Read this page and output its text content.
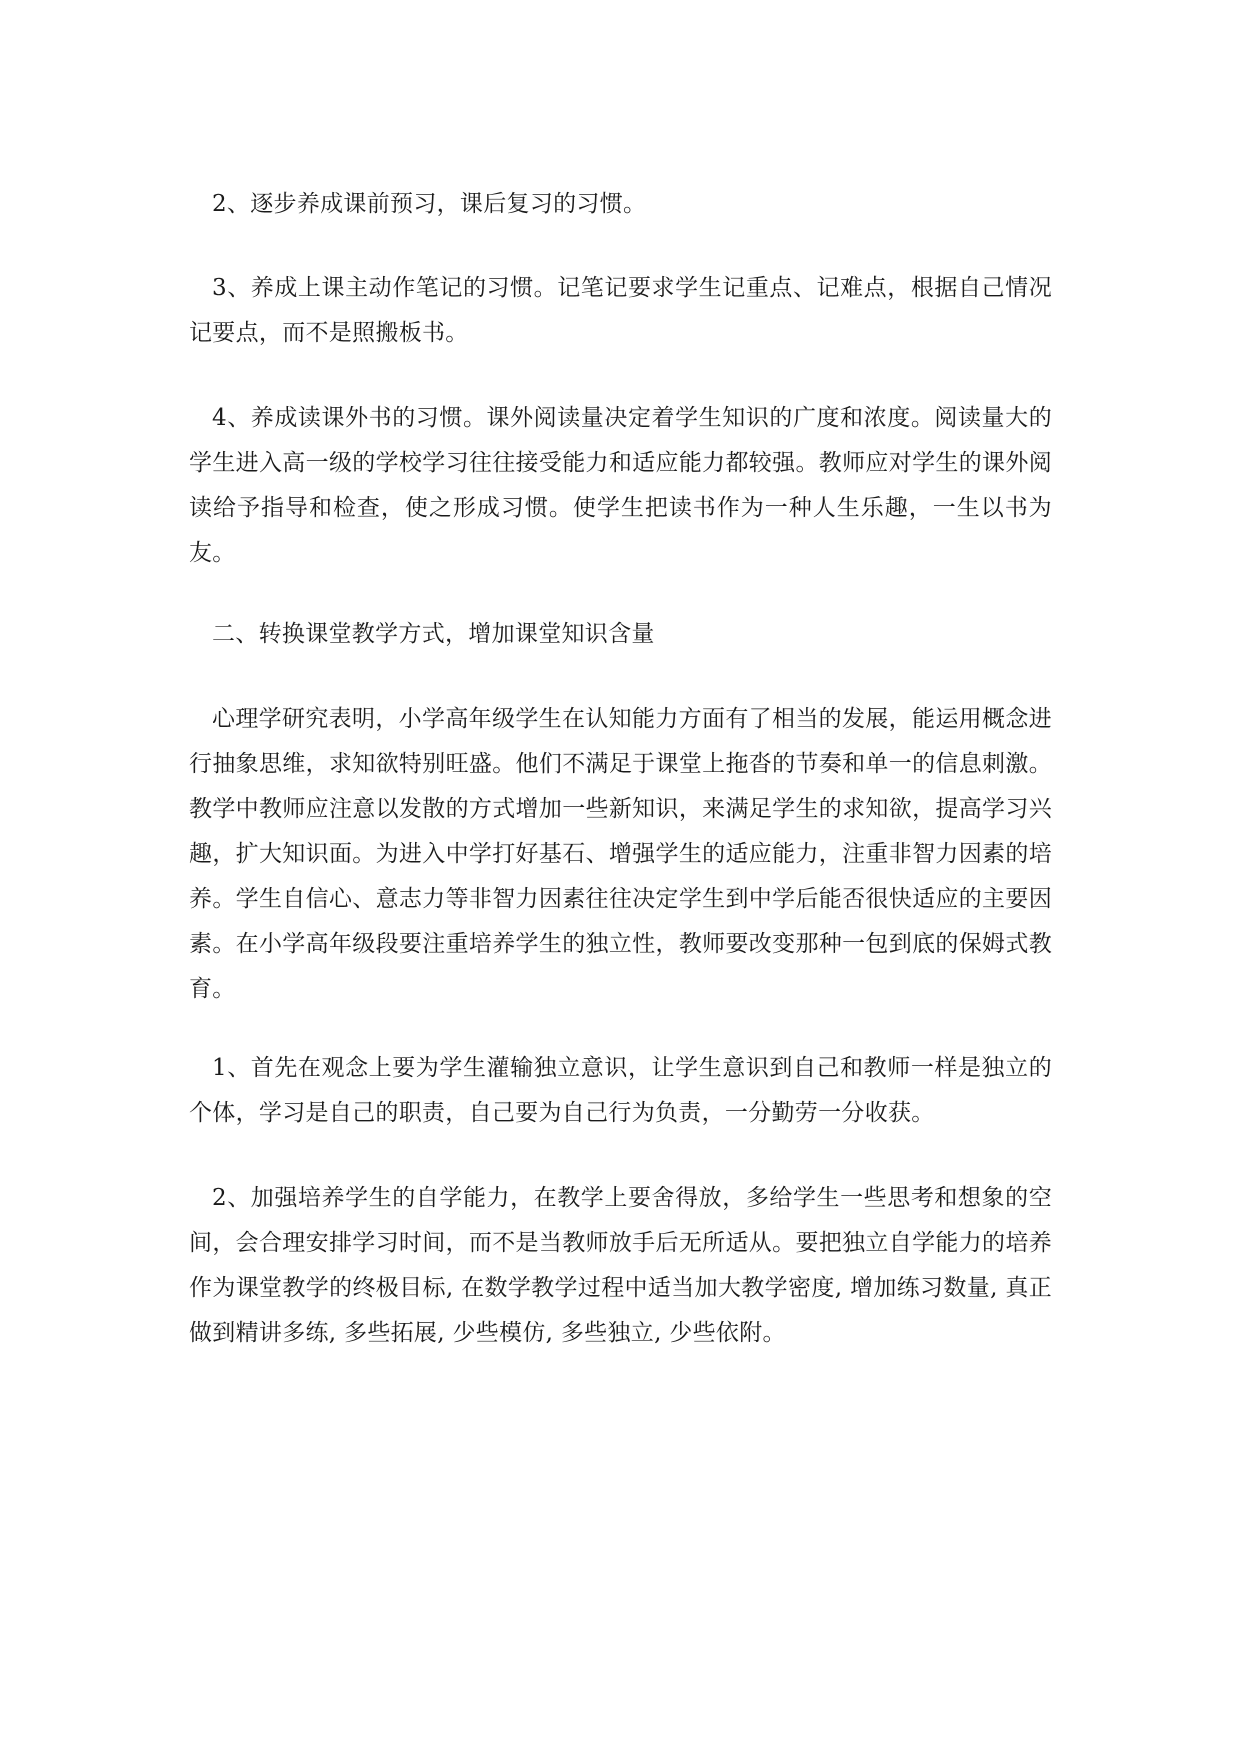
2、逐步养成课前预习，课后复习的习惯。

3、养成上课主动作笔记的习惯。记笔记要求学生记重点、记难点，根据自己情况记要点，而不是照搬板书。

4、养成读课外书的习惯。课外阅读量决定着学生知识的广度和浓度。阅读量大的学生进入高一级的学校学习往往接受能力和适应能力都较强。教师应对学生的课外阅读给予指导和检查，使之形成习惯。使学生把读书作为一种人生乐趣，一生以书为友。

二、转换课堂教学方式，增加课堂知识含量

心理学研究表明，小学高年级学生在认知能力方面有了相当的发展，能运用概念进行抽象思维，求知欲特别旺盛。他们不满足于课堂上拖沓的节奏和单一的信息刺激。教学中教师应注意以发散的方式增加一些新知识，来满足学生的求知欲，提高学习兴趣，扩大知识面。为进入中学打好基石、增强学生的适应能力，注重非智力因素的培养。学生自信心、意志力等非智力因素往往决定学生到中学后能否很快适应的主要因素。在小学高年级段要注重培养学生的独立性，教师要改变那种一包到底的保姆式教育。

1、首先在观念上要为学生灌输独立意识，让学生意识到自己和教师一样是独立的个体，学习是自己的职责，自己要为自己行为负责，一分勤劳一分收获。

2、加强培养学生的自学能力，在教学上要舍得放，多给学生一些思考和想象的空间，会合理安排学习时间，而不是当教师放手后无所适从。要把独立自学能力的培养作为课堂教学的终极目标, 在数学教学过程中适当加大教学密度, 增加练习数量, 真正做到精讲多练, 多些拓展, 少些模仿, 多些独立, 少些依附。
